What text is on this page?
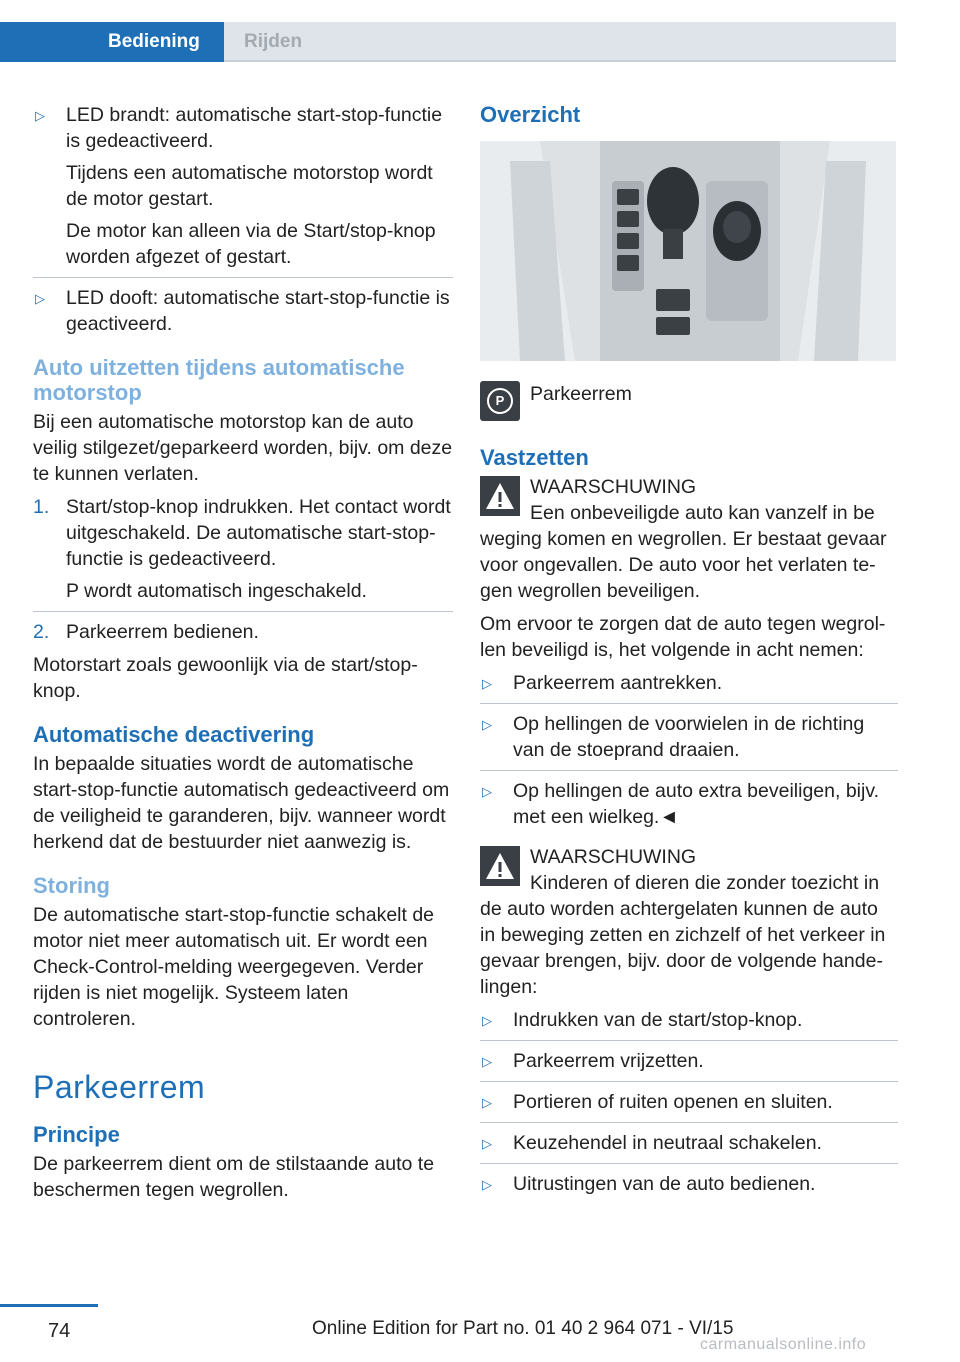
Bediening	Rijden
▷ LED brandt: automatische start-stop-functie is gedeactiveerd.

Tijdens een automatische motorstop wordt de motor gestart.

De motor kan alleen via de Start/stop-knop worden afgezet of gestart.

▷ LED dooft: automatische start-stop-functie is geactiveerd.

Auto uitzetten tijdens automatische motorstop

Bij een automatische motorstop kan de auto veilig stilgezet/geparkeerd worden, bijv. om deze te kunnen verlaten.

1. Start/stop-knop indrukken. Het contact wordt uitgeschakeld. De automatische start-stop-functie is gedeactiveerd.

P wordt automatisch ingeschakeld.

2. Parkeerrem bedienen.

Motorstart zoals gewoonlijk via de start/stop-knop.

Automatische deactivering

In bepaalde situaties wordt de automatische start-stop-functie automatisch gedeactiveerd om de veiligheid te garanderen, bijv. wanneer wordt herkend dat de bestuurder niet aanwezig is.

Storing

De automatische start-stop-functie schakelt de motor niet meer automatisch uit. Er wordt een Check-Control-melding weergegeven. Verder rijden is niet mogelijk. Systeem laten controleren.

Parkeerrem
Principe

De parkeerrem dient om de stilstaande auto te beschermen tegen wegrollen.

Overzicht
P	Parkeerrem
Vastzetten
WAARSCHUWING
Een onbeveiligde auto kan vanzelf in be

weging komen en wegrollen. Er bestaat gevaar voor ongevallen. De auto voor het verlaten tegen wegrollen beveiligen.

Om ervoor te zorgen dat de auto tegen wegrollen beveiligd is, het volgende in acht nemen:

▷ Parkeerrem aantrekken.

▷ Op hellingen de voorwielen in de richting van de stoeprand draaien.

▷ Op hellingen de auto extra beveiligen, bijv. met een wielkeg.◄

WAARSCHUWING
Kinderen of dieren die zonder toezicht in

de auto worden achtergelaten kunnen de auto in beweging zetten en zichzelf of het verkeer in gevaar brengen, bijv. door de volgende handelingen:

▷ Indrukken van de start/stop-knop.

▷ Parkeerrem vrijzetten.

▷ Portieren of ruiten openen en sluiten.

▷ Keuzehendel in neutraal schakelen.

▷ Uitrustingen van de auto bedienen.

74	Online Edition for Part no. 01 40 2 964 071 - VI/15
carmanualsonline.info
